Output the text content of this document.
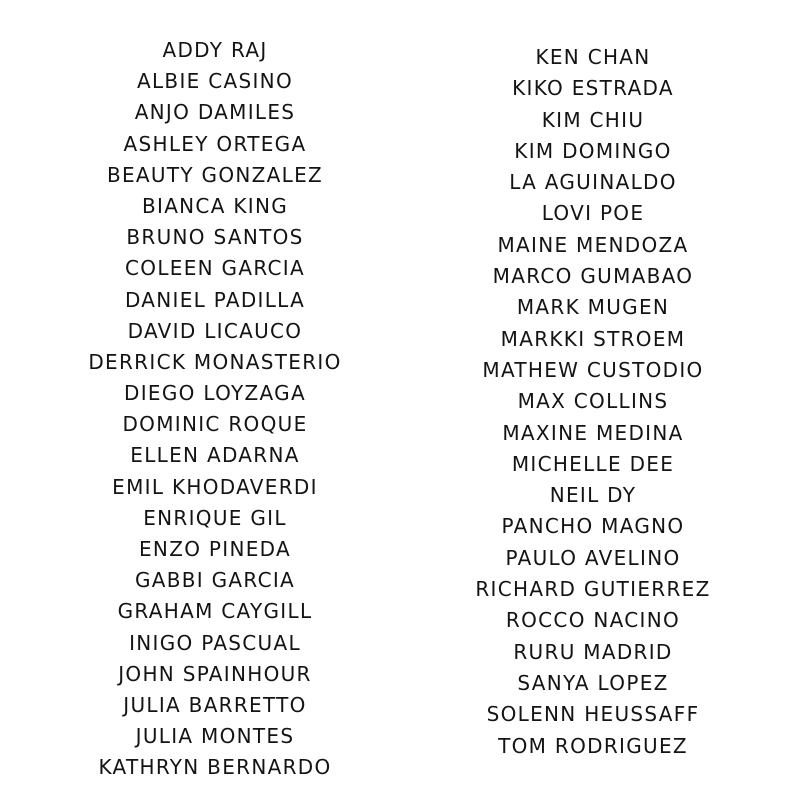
ADDY RAJ
ALBIE CASINO
ANJO DAMILES
ASHLEY ORTEGA
BEAUTY GONZALEZ
BIANCA KING
BRUNO SANTOS
COLEEN GARCIA
DANIEL PADILLA
DAVID LICAUCO
DERRICK MONASTERIO
DIEGO LOYZAGA
DOMINIC ROQUE
ELLEN ADARNA
EMIL KHODAVERDI
ENRIQUE GIL
ENZO PINEDA
GABBI GARCIA
GRAHAM CAYGILL
INIGO PASCUAL
JOHN SPAINHOUR
JULIA BARRETTO
JULIA MONTES
KATHRYN BERNARDO
KEN CHAN
KIKO ESTRADA
KIM CHIU
KIM DOMINGO
LA AGUINALDO
LOVI POE
MAINE MENDOZA
MARCO GUMABAO
MARK MUGEN
MARKKI STROEM
MATHEW CUSTODIO
MAX COLLINS
MAXINE MEDINA
MICHELLE DEE
NEIL DY
PANCHO MAGNO
PAULO AVELINO
RICHARD GUTIERREZ
ROCCO NACINO
RURU MADRID
SANYA LOPEZ
SOLENN HEUSSAFF
TOM RODRIGUEZ
